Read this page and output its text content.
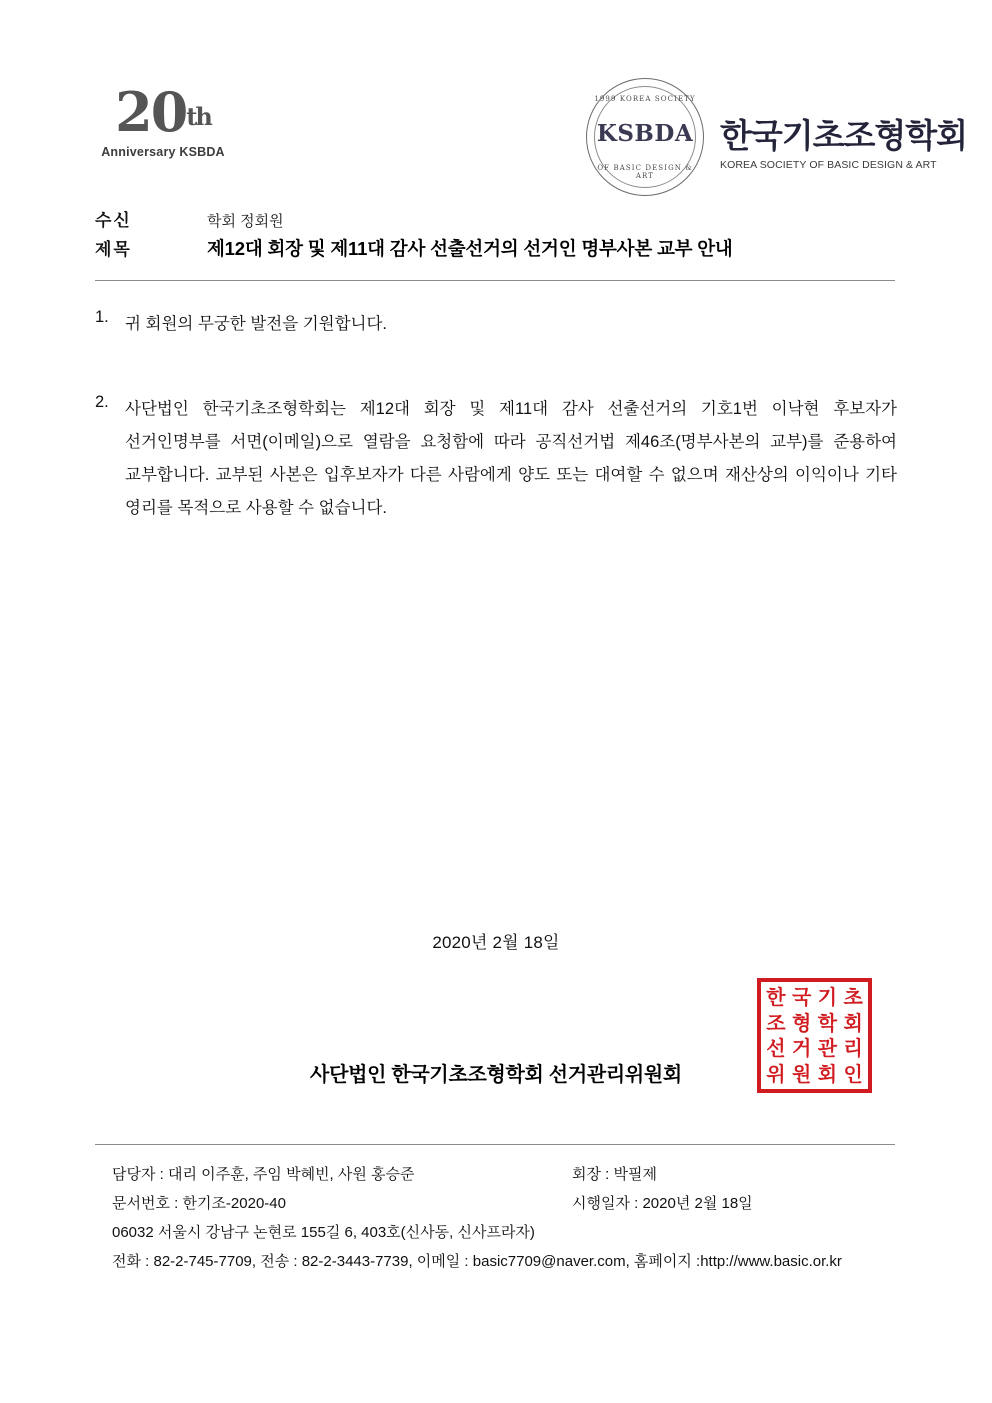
20th
Anniversary KSBDA
1999 KOREA SOCIETY
KSBDA
OF BASIC DESIGN & ART
한국기초조형학회
KOREA SOCIETY OF BASIC DESIGN & ART
수신	학회 정회원
제목	제12대 회장 및 제11대 감사 선출선거의 선거인 명부사본 교부 안내
1. 귀 회원의 무궁한 발전을 기원합니다.
2. 사단법인 한국기초조형학회는 제12대 회장 및 제11대 감사 선출선거의 기호1번 이낙현 후보자가 선거인명부를 서면(이메일)으로 열람을 요청함에 따라 공직선거법 제46조(명부사본의 교부)를 준용하여 교부합니다. 교부된 사본은 입후보자가 다른 사람에게 양도 또는 대여할 수 없으며 재산상의 이익이나 기타 영리를 목적으로 사용할 수 없습니다.
2020년 2월 18일
사단법인 한국기초조형학회 선거관리위원회
한 국 기 초
조 형 학 회
선 거 관 리
위 원 회 인
담당자 : 대리 이주훈, 주임 박혜빈, 사원 홍승준	회장 : 박필제
문서번호 : 한기조-2020-40	시행일자 : 2020년 2월 18일
06032 서울시 강남구 논현로 155길 6, 403호(신사동, 신사프라자)
전화 : 82-2-745-7709, 전송 : 82-2-3443-7739, 이메일 : basic7709@naver.com, 홈페이지 :http://www.basic.or.kr
